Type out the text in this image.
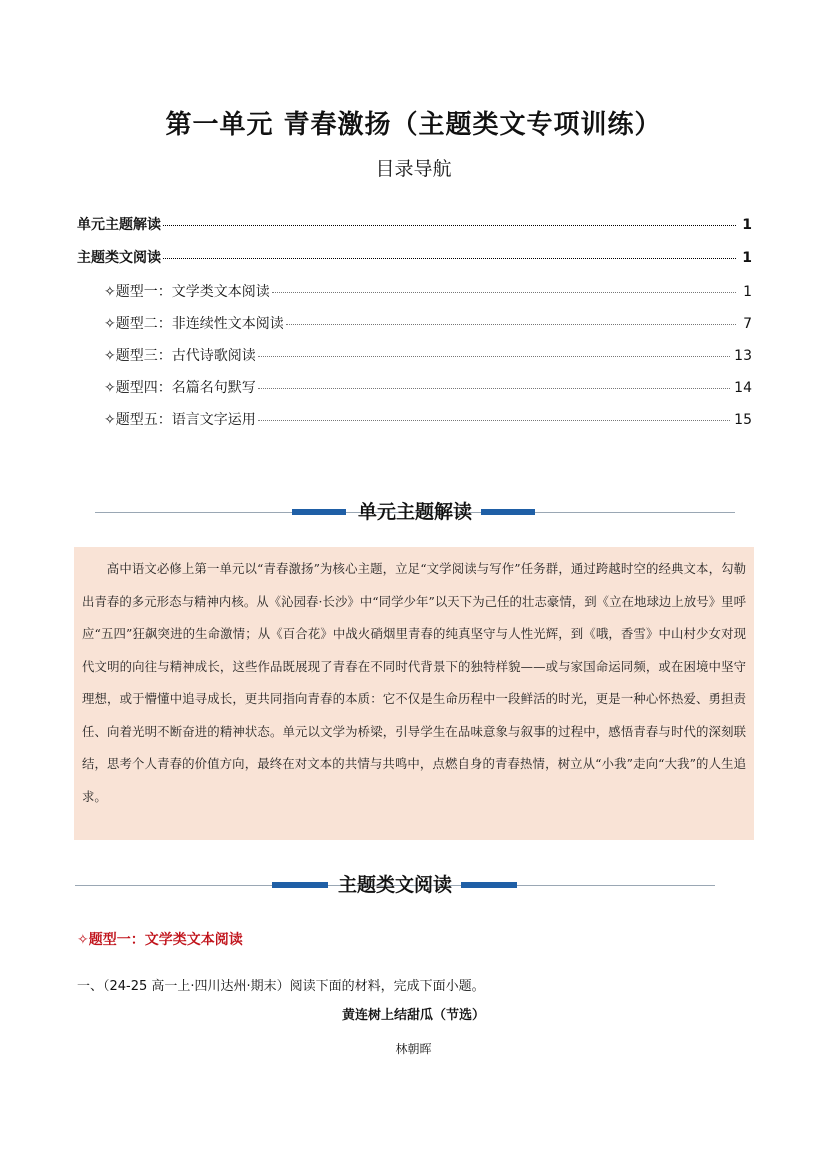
第一单元 青春激扬（主题类文专项训练）
目录导航
单元主题解读	1
主题类文阅读	1
✧题型一：文学类文本阅读	1
✧题型二：非连续性文本阅读	7
✧题型三：古代诗歌阅读	13
✧题型四：名篇名句默写	14
✧题型五：语言文字运用	15
单元主题解读
高中语文必修上第一单元以“青春激扬”为核心主题，立足“文学阅读与写作”任务群，通过跨越时空的经典文本，勾勒出青春的多元形态与精神内核。从《沁园春·长沙》中“同学少年”以天下为己任的壮志豪情，到《立在地球边上放号》里呼应“五四”狂飙突进的生命激情；从《百合花》中战火硝烟里青春的纯真坚守与人性光辉，到《哦，香雪》中山村少女对现代文明的向往与精神成长，这些作品既展现了青春在不同时代背景下的独特样貌——或与家国命运同频，或在困境中坚守理想，或于懵懂中追寻成长，更共同指向青春的本质：它不仅是生命历程中一段鲜活的时光，更是一种心怀热爱、勇担责任、向着光明不断奋进的精神状态。单元以文学为桥梁，引导学生在品味意象与叙事的过程中，感悟青春与时代的深刻联结，思考个人青春的价值方向，最终在对文本的共情与共鸣中，点燃自身的青春热情，树立从“小我”走向“大我”的人生追求。
主题类文阅读
✧题型一：文学类文本阅读
一、（24-25 高一上·四川达州·期末）阅读下面的材料，完成下面小题。
黄连树上结甜瓜（节选）
林朝晖
